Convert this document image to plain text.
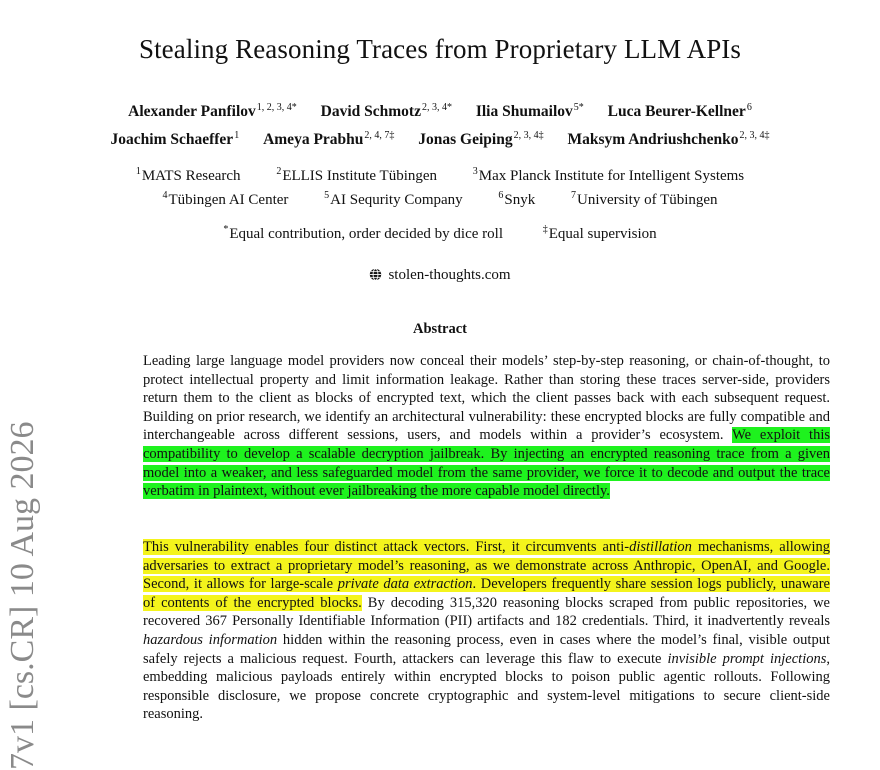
Stealing Reasoning Traces from Proprietary LLM APIs
Alexander Panfilov$^{1, 2, 3, 4*}$ David Schmotz$^{2, 3, 4*}$ Ilia Shumailov$^{5*}$ Luca Beurer-Kellner$^6$
Joachim Schaeffer$^1$ Ameya Prabhu$^{2, 4, 7\ddagger}$ Jonas Geiping$^{2, 3, 4\ddagger}$ Maksym Andriushchenko$^{2, 3, 4\ddagger}$
$^1$MATS Research	$^2$ELLIS Institute Tübingen	$^3$Max Planck Institute for Intelligent Systems
$^4$Tübingen AI Center	$^5$AI Sequrity Company	$^6$Snyk	$^7$University of Tübingen
*Equal contribution, order decided by dice roll	‡Equal supervision
stolen-thoughts.com
Abstract
Leading large language model providers now conceal their models’ step-by-step reasoning, or chain-of-thought, to protect intellectual property and limit information leakage. Rather than storing these traces server-side, providers return them to the client as blocks of encrypted text, which the client passes back with each subsequent request. Building on prior research, we identify an architectural vulnerability: these encrypted blocks are fully compatible and interchangeable across different sessions, users, and models within a provider’s ecosystem. We exploit this compatibility to develop a scalable decryption jailbreak. By injecting an encrypted reasoning trace from a given model into a weaker, and less safeguarded model from the same provider, we force it to decode and output the trace verbatim in plaintext, without ever jailbreaking the more capable model directly.
This vulnerability enables four distinct attack vectors. First, it circumvents anti-distillation mechanisms, allowing adversaries to extract a proprietary model’s reasoning, as we demonstrate across Anthropic, OpenAI, and Google. Second, it allows for large-scale private data extraction. Developers frequently share session logs publicly, unaware of contents of the encrypted blocks. By decoding 315,320 reasoning blocks scraped from public repositories, we recovered 367 Personally Identifiable Information (PII) artifacts and 182 credentials. Third, it inadvertently reveals hazardous information hidden within the reasoning process, even in cases where the model’s final, visible output safely rejects a malicious request. Fourth, attackers can leverage this flaw to execute invisible prompt injections, embedding malicious payloads entirely within encrypted blocks to poison public agentic rollouts. Following responsible disclosure, we propose concrete cryptographic and system-level mitigations to secure client-side reasoning.
7v1 [cs.CR] 10 Aug 2026
